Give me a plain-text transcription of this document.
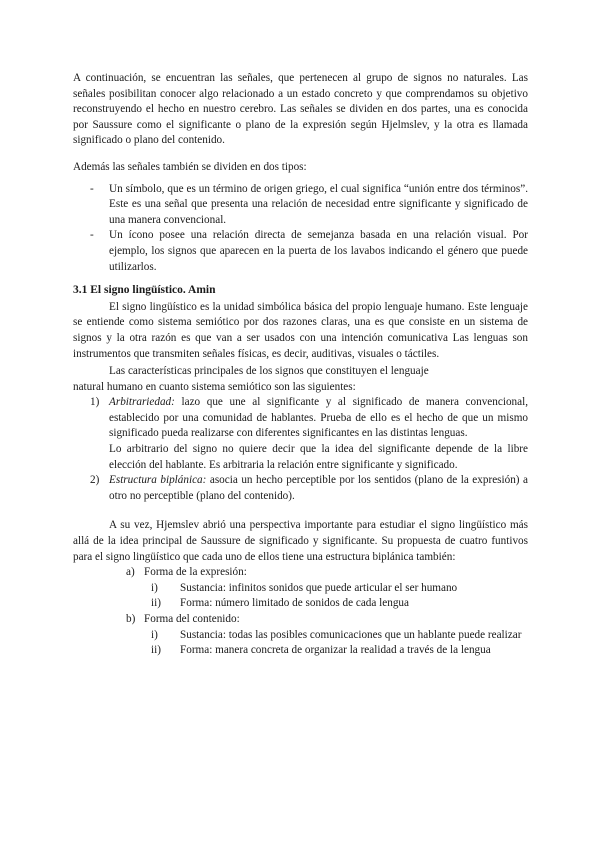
A continuación, se encuentran las señales, que pertenecen al grupo de signos no naturales. Las señales posibilitan conocer algo relacionado a un estado concreto y que comprendamos su objetivo reconstruyendo el hecho en nuestro cerebro. Las señales se dividen en dos partes, una es conocida por Saussure como el significante o plano de la expresión según Hjelmslev, y la otra es llamada significado o plano del contenido.

Además las señales también se dividen en dos tipos:

- Un símbolo, que es un término de origen griego, el cual significa “unión entre dos términos”. Este es una señal que presenta una relación de necesidad entre significante y significado de una manera convencional.
- Un ícono posee una relación directa de semejanza basada en una relación visual. Por ejemplo, los signos que aparecen en la puerta de los lavabos indicando el género que puede utilizarlos.
3.1 El signo lingüístico. Amin

El signo lingüístico es la unidad simbólica básica del propio lenguaje humano. Este lenguaje se entiende como sistema semiótico por dos razones claras, una es que consiste en un sistema de signos y la otra razón es que van a ser usados con una intención comunicativa Las lenguas son instrumentos que transmiten señales físicas, es decir, auditivas, visuales o táctiles.

Las características principales de los signos que constituyen el lenguaje

natural humano en cuanto sistema semiótico son las siguientes:

1) Arbitrariedad: lazo que une al significante y al significado de manera convencional, establecido por una comunidad de hablantes. Prueba de ello es el hecho de que un mismo significado pueda realizarse con diferentes significantes en las distintas lenguas.
Lo arbitrario del signo no quiere decir que la idea del significante depende de la libre elección del hablante. Es arbitraria la relación entre significante y significado.
2) Estructura biplánica: asocia un hecho perceptible por los sentidos (plano de la expresión) a otro no perceptible (plano del contenido).

A su vez, Hjemslev abrió una perspectiva importante para estudiar el signo lingüístico más allá de la idea principal de Saussure de significado y significante. Su propuesta de cuatro funtivos para el signo lingüístico que cada uno de ellos tiene una estructura biplánica también:

a) Forma de la expresión:
i) Sustancia: infinitos sonidos que puede articular el ser humano
ii) Forma: número limitado de sonidos de cada lengua
b) Forma del contenido:
i) Sustancia: todas las posibles comunicaciones que un hablante puede realizar
ii) Forma: manera concreta de organizar la realidad a través de la lengua
